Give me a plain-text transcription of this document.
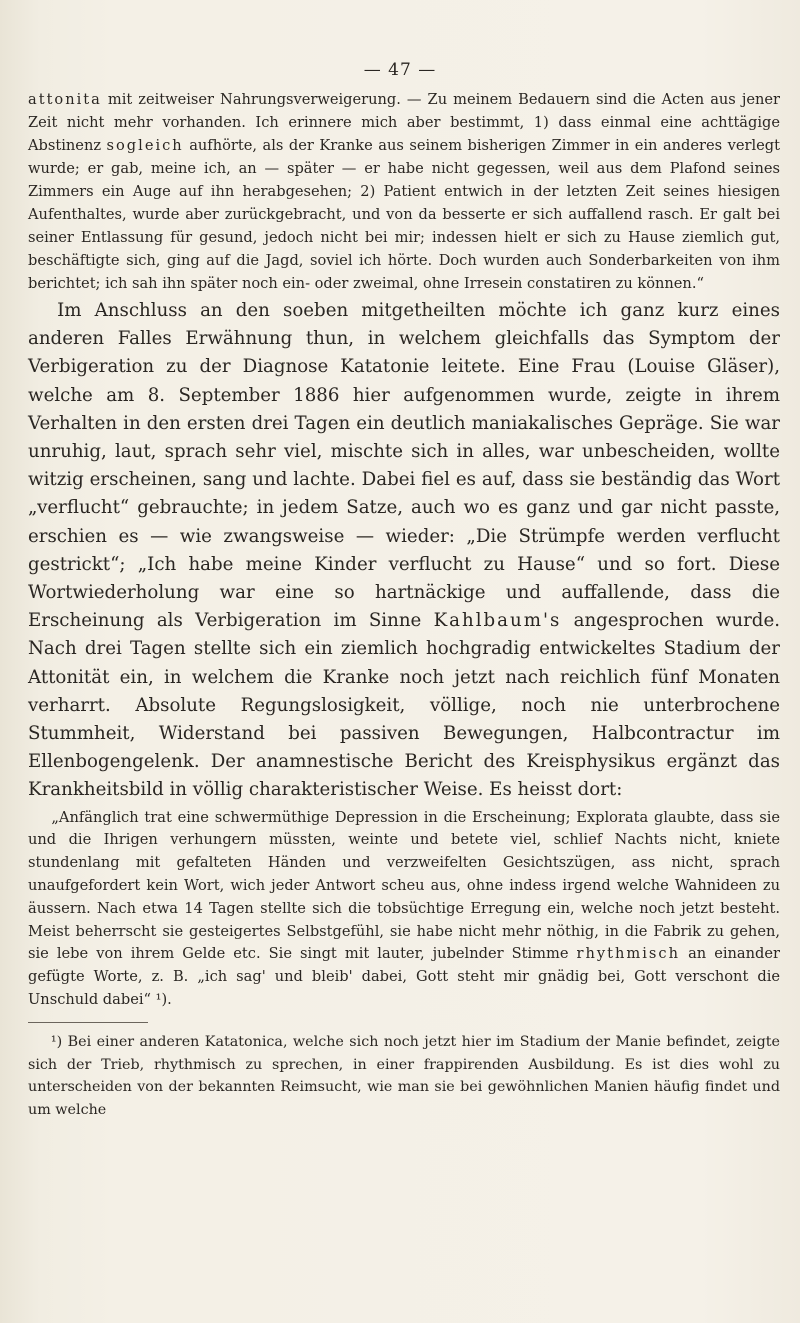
— 47 —

attonita mit zeitweiser Nahrungsverweigerung. — Zu meinem Bedauern sind die Acten aus jener Zeit nicht mehr vorhanden. Ich erinnere mich aber bestimmt, 1) dass einmal eine achttägige Abstinenz sogleich aufhörte, als der Kranke aus seinem bisherigen Zimmer in ein anderes verlegt wurde; er gab, meine ich, an — später — er habe nicht gegessen, weil aus dem Plafond seines Zimmers ein Auge auf ihn herabgesehen; 2) Patient entwich in der letzten Zeit seines hiesigen Aufenthaltes, wurde aber zurückgebracht, und von da besserte er sich auffallend rasch. Er galt bei seiner Entlassung für gesund, jedoch nicht bei mir; indessen hielt er sich zu Hause ziemlich gut, beschäftigte sich, ging auf die Jagd, soviel ich hörte. Doch wurden auch Sonderbarkeiten von ihm berichtet; ich sah ihn später noch ein- oder zweimal, ohne Irresein constatiren zu können.“

Im Anschluss an den soeben mitgetheilten möchte ich ganz kurz eines anderen Falles Erwähnung thun, in welchem gleichfalls das Symptom der Verbigeration zu der Diagnose Katatonie leitete. Eine Frau (Louise Gläser), welche am 8. September 1886 hier aufgenommen wurde, zeigte in ihrem Verhalten in den ersten drei Tagen ein deutlich maniakalisches Gepräge. Sie war unruhig, laut, sprach sehr viel, mischte sich in alles, war unbescheiden, wollte witzig erscheinen, sang und lachte. Dabei fiel es auf, dass sie beständig das Wort „verflucht“ gebrauchte; in jedem Satze, auch wo es ganz und gar nicht passte, erschien es — wie zwangsweise — wieder: „Die Strümpfe werden verflucht gestrickt“; „Ich habe meine Kinder verflucht zu Hause“ und so fort. Diese Wortwiederholung war eine so hartnäckige und auffallende, dass die Erscheinung als Verbigeration im Sinne Kahlbaum's angesprochen wurde. Nach drei Tagen stellte sich ein ziemlich hochgradig entwickeltes Stadium der Attonität ein, in welchem die Kranke noch jetzt nach reichlich fünf Monaten verharrt. Absolute Regungslosigkeit, völlige, noch nie unterbrochene Stummheit, Widerstand bei passiven Bewegungen, Halbcontractur im Ellenbogengelenk. Der anamnestische Bericht des Kreisphysikus ergänzt das Krankheitsbild in völlig charakteristischer Weise. Es heisst dort:

„Anfänglich trat eine schwermüthige Depression in die Erscheinung; Explorata glaubte, dass sie und die Ihrigen verhungern müssten, weinte und betete viel, schlief Nachts nicht, kniete stundenlang mit gefalteten Händen und verzweifelten Gesichtszügen, ass nicht, sprach unaufgefordert kein Wort, wich jeder Antwort scheu aus, ohne indess irgend welche Wahnideen zu äussern. Nach etwa 14 Tagen stellte sich die tobsüchtige Erregung ein, welche noch jetzt besteht. Meist beherrscht sie gesteigertes Selbstgefühl, sie habe nicht mehr nöthig, in die Fabrik zu gehen, sie lebe von ihrem Gelde etc. Sie singt mit lauter, jubelnder Stimme rhythmisch an einander gefügte Worte, z. B. „ich sag' und bleib' dabei, Gott steht mir gnädig bei, Gott verschont die Unschuld dabei“ ¹).

¹) Bei einer anderen Katatonica, welche sich noch jetzt hier im Stadium der Manie befindet, zeigte sich der Trieb, rhythmisch zu sprechen, in einer frappirenden Ausbildung. Es ist dies wohl zu unterscheiden von der bekannten Reimsucht, wie man sie bei gewöhnlichen Manien häufig findet und um welche
